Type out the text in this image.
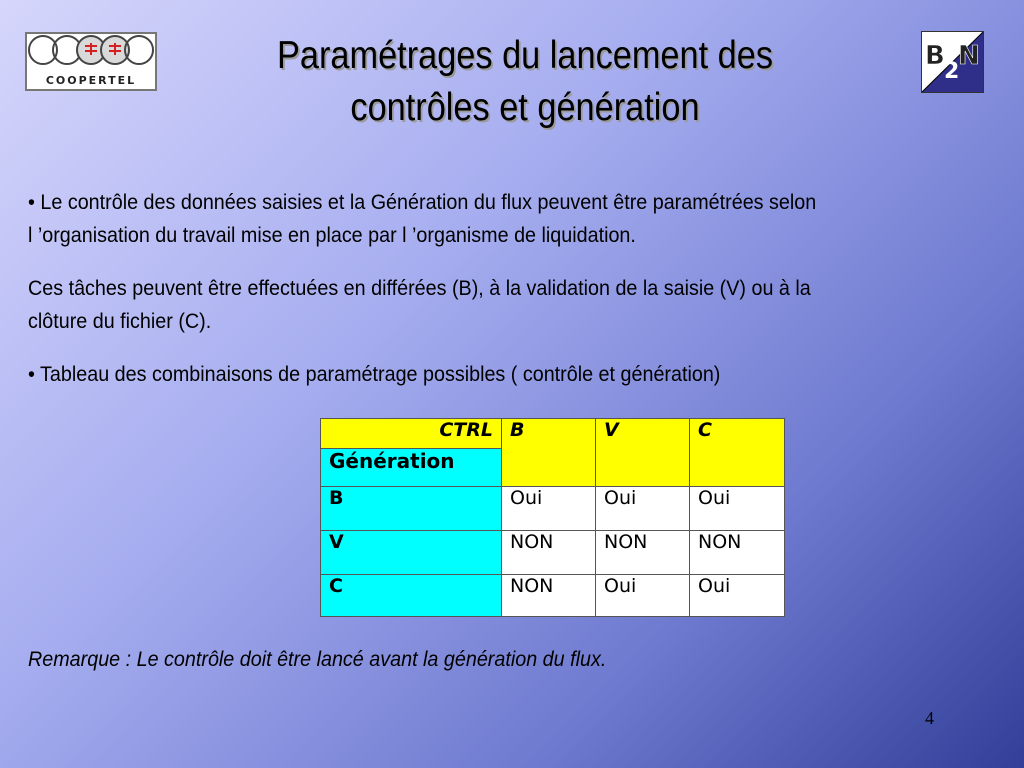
COOPERTEL
Paramétrages du lancement des
contrôles et génération
B
2
N
• Le contrôle des données saisies et la Génération du flux peuvent être paramétrées selon
l ’organisation du travail mise en place par l ’organisme de liquidation.
Ces tâches peuvent être effectuées en différées (B), à la validation de la saisie (V) ou à la
clôture du fichier (C).
• Tableau des combinaisons de paramétrage possibles ( contrôle et génération)
CTRL	B	V	C
Génération			
B	Oui	Oui	Oui
V	NON	NON	NON
C	NON	Oui	Oui
Remarque : Le contrôle doit être lancé avant la génération du flux.
4
